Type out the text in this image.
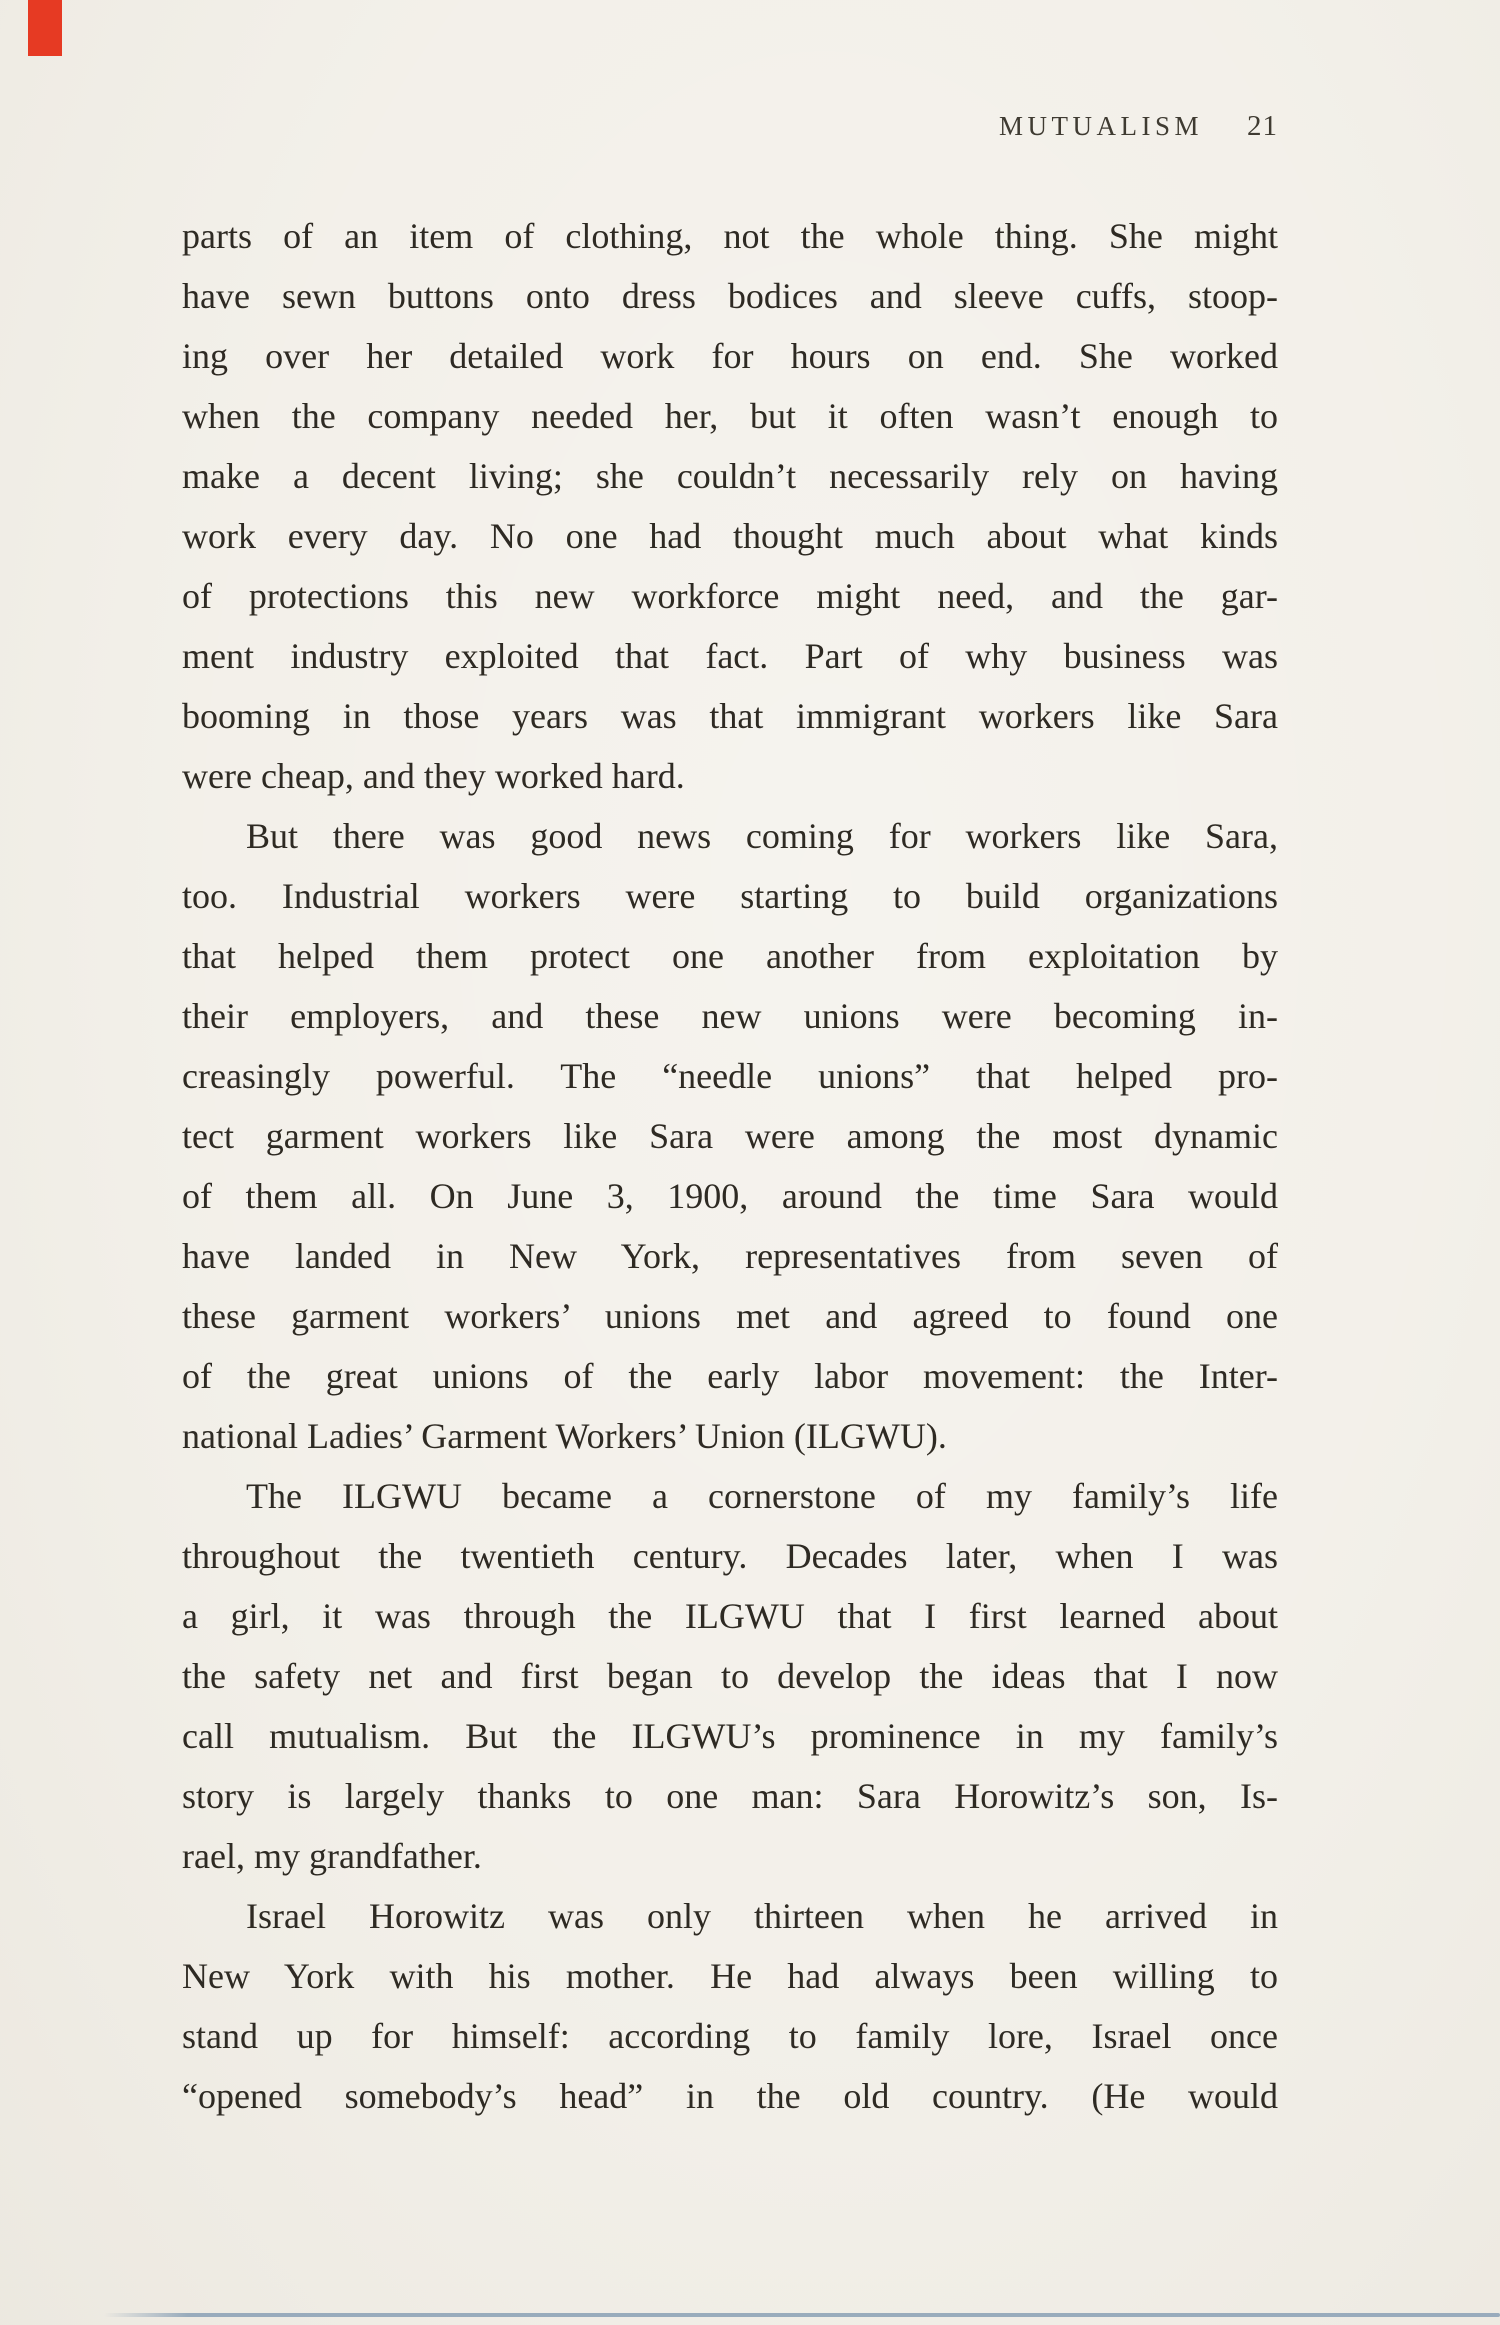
MUTUALISM 21
parts of an item of clothing, not the whole thing. She might
have sewn buttons onto dress bodices and sleeve cuffs, stoop-
ing over her detailed work for hours on end. She worked
when the company needed her, but it often wasn’t enough to
make a decent living; she couldn’t necessarily rely on having
work every day. No one had thought much about what kinds
of protections this new workforce might need, and the gar-
ment industry exploited that fact. Part of why business was
booming in those years was that immigrant workers like Sara
were cheap, and they worked hard.
But there was good news coming for workers like Sara,
too. Industrial workers were starting to build organizations
that helped them protect one another from exploitation by
their employers, and these new unions were becoming in-
creasingly powerful. The “needle unions” that helped pro-
tect garment workers like Sara were among the most dynamic
of them all. On June 3, 1900, around the time Sara would
have landed in New York, representatives from seven of
these garment workers’ unions met and agreed to found one
of the great unions of the early labor movement: the Inter-
national Ladies’ Garment Workers’ Union (ILGWU).
The ILGWU became a cornerstone of my family’s life
throughout the twentieth century. Decades later, when I was
a girl, it was through the ILGWU that I first learned about
the safety net and first began to develop the ideas that I now
call mutualism. But the ILGWU’s prominence in my family’s
story is largely thanks to one man: Sara Horowitz’s son, Is-
rael, my grandfather.
Israel Horowitz was only thirteen when he arrived in
New York with his mother. He had always been willing to
stand up for himself: according to family lore, Israel once
“opened somebody’s head” in the old country. (He would
